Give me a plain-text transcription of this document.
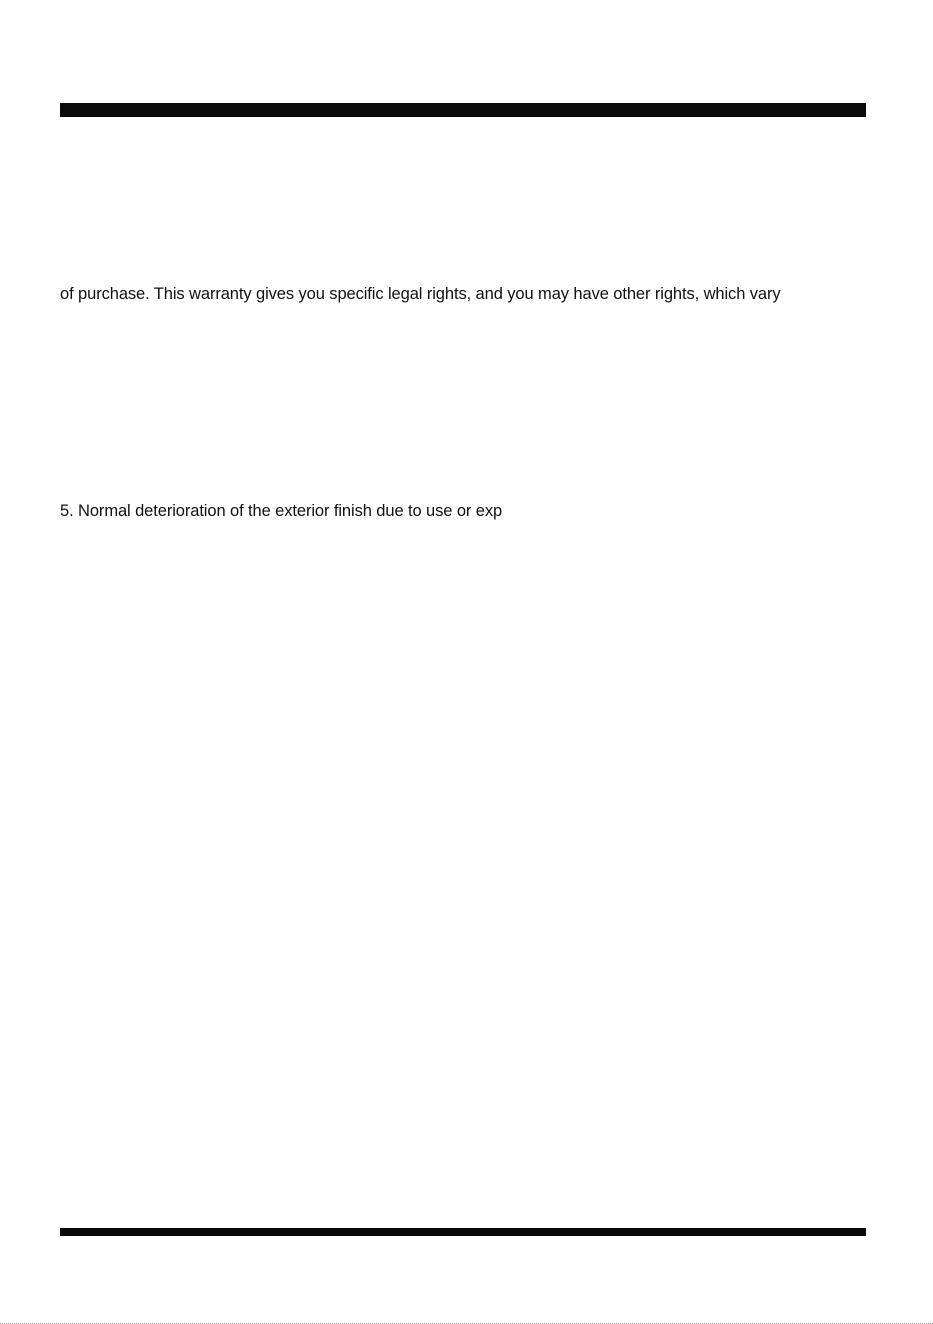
of purchase. This warranty gives you specific legal rights, and you may have other rights, which vary

5. Normal deterioration of the exterior finish due to use or exp
